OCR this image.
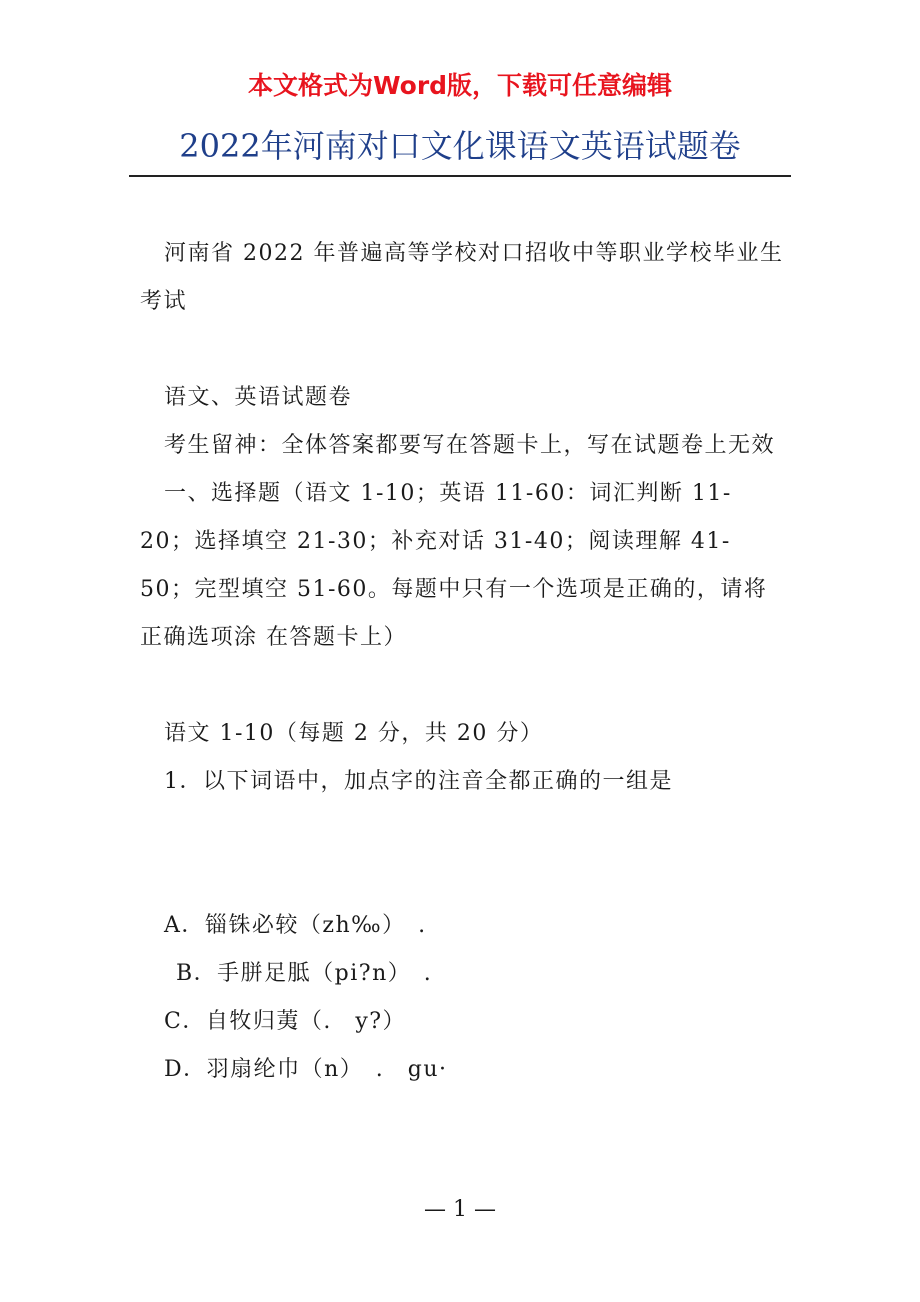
本文格式为Word版，下载可任意编辑
2022年河南对口文化课语文英语试题卷

河南省 2022 年普遍高等学校对口招收中等职业学校毕业生考试

语文、英语试题卷

考生留神：全体答案都要写在答题卡上，写在试题卷上无效

一、选择题（语文 1-10；英语 11-60：词汇判断 11-20；选择填空 21-30；补充对话 31-40；阅读理解 41-50；完型填空 51-60。每题中只有一个选项是正确的，请将正确选项涂 在答题卡上）

语文 1-10（每题 2 分，共 20 分）

1．以下词语中，加点字的注音全都正确的一组是

A．锱铢必较（zh‰）　.
B．手胼足胝（pi?n）　.
C．自牧归荑（.　y?）
D．羽扇纶巾（n）　.　gu·
— 1 —
